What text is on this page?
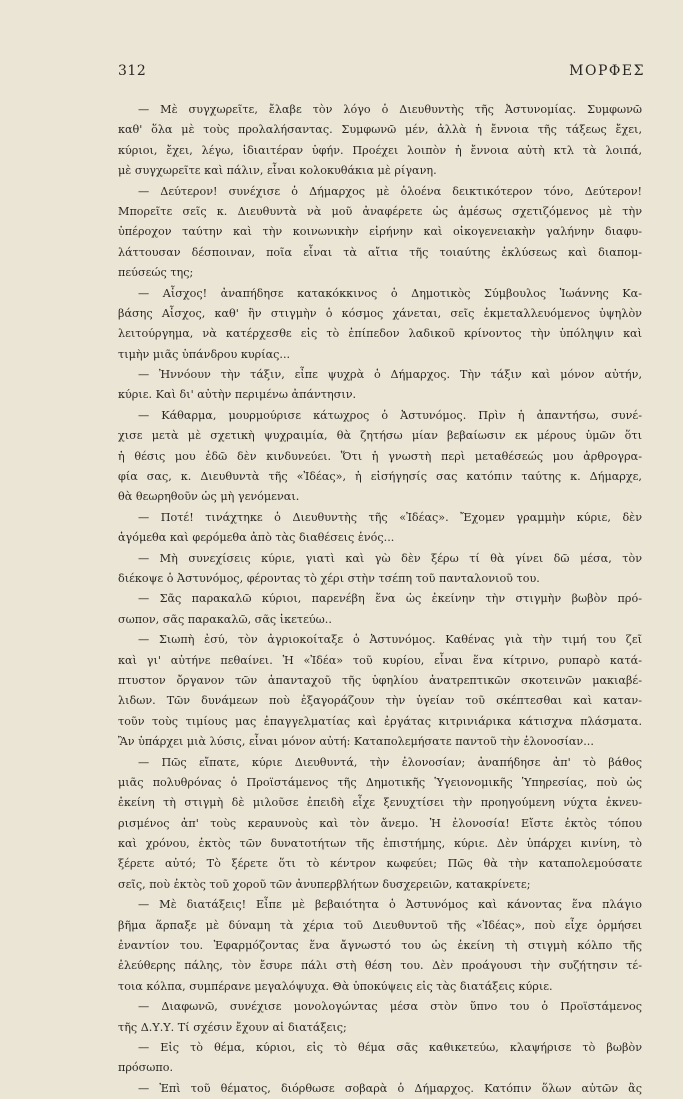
312	ΜΟΡΦΕΣ
— Μὲ συγχωρεῖτε, ἔλαβε τὸν λόγο ὁ Διευθυντὴς τῆς Ἀστυνομίας. Συμφωνῶ
καθ' ὅλα μὲ τοὺς προλαλήσαντας. Συμφωνῶ μέν, ἀλλὰ ἡ ἔννοια τῆς τάξεως ἔχει,
κύριοι, ἔχει, λέγω, ἰδιαιτέραν ὑφήν. Προέχει λοιπὸν ἡ ἔννοια αὐτὴ κτλ τὰ λοιπά,
μὲ συγχωρεῖτε καὶ πάλιν, εἶναι κολοκυθάκια μὲ ρίγανη.
— Δεύτερον! συνέχισε ὁ Δήμαρχος μὲ ὁλοένα δεικτικότερον τόνο, Δεύτερον!
Μπορεῖτε σεῖς κ. Διευθυντὰ νὰ μοῦ ἀναφέρετε ὡς ἀμέσως σχετιζόμενος μὲ τὴν
ὑπέροχον ταύτην καὶ τὴν κοινωνικὴν εἰρήνην καὶ οἰκογενειακὴν γαλήνην διαφυ-
λάττουσαν δέσποιναν, ποῖα εἶναι τὰ αἴτια τῆς τοιαύτης ἐκλύσεως καὶ διαπομ-
πεύσεώς της;
— Αἶσχος! ἀναπήδησε κατακόκκινος ὁ Δημοτικὸς Σύμβουλος Ἰωάννης Κα-
βάσης Αἶσχος, καθ' ἣν στιγμὴν ὁ κόσμος χάνεται, σεῖς ἐκμεταλλευόμενος ὑψηλὸν
λειτούργημα, νὰ κατέρχεσθε εἰς τὸ ἐπίπεδον λαδικοῦ κρίνοντος τὴν ὑπόληψιν καὶ
τιμὴν μιᾶς ὑπάνδρου κυρίας...
— Ἠννόουν τὴν τάξιν, εἶπε ψυχρὰ ὁ Δήμαρχος. Τὴν τάξιν καὶ μόνον αὐτήν,
κύριε. Καὶ δι' αὐτὴν περιμένω ἀπάντησιν.
— Κάθαρμα, μουρμούρισε κάτωχρος ὁ Ἀστυνόμος. Πρὶν ἡ ἀπαντήσω, συνέ-
χισε μετὰ μὲ σχετικὴ ψυχραιμία, θὰ ζητήσω μίαν βεβαίωσιν εκ μέρους ὑμῶν ὅτι
ἡ θέσις μου ἐδῶ δὲν κινδυνεύει. Ὅτι ἡ γνωστὴ περὶ μεταθέσεώς μου ἀρθρογρα-
φία σας, κ. Διευθυντὰ τῆς «Ἰδέας», ἡ εἰσήγησίς σας κατόπιν ταύτης κ. Δήμαρχε,
θὰ θεωρηθοῦν ὡς μὴ γενόμεναι.
— Ποτέ! τινάχτηκε ὁ Διευθυντὴς τῆς «Ἰδέας». Ἔχομεν γραμμὴν κύριε, δὲν
ἀγόμεθα καὶ φερόμεθα ἀπὸ τὰς διαθέσεις ἑνός...
— Μὴ συνεχίσεις κύριε, γιατὶ καὶ γὼ δὲν ξέρω τί θὰ γίνει δῶ μέσα, τὸν
διέκοψε ὁ Ἀστυνόμος, φέροντας τὸ χέρι στὴν τσέπη τοῦ πανταλονιοῦ του.
— Σᾶς παρακαλῶ κύριοι, παρενέβη ἕνα ὡς ἐκείνην τὴν στιγμὴν βωβὸν πρό-
σωπον, σᾶς παρακαλῶ, σᾶς ἱκετεύω..
— Σιωπὴ ἐσύ, τὸν ἀγριοκοίταξε ὁ Ἀστυνόμος. Καθένας γιὰ τὴν τιμή του ζεῖ
καὶ γι' αὐτήνε πεθαίνει. Ἡ «Ἰδέα» τοῦ κυρίου, εἶναι ἕνα κίτρινο, ρυπαρὸ κατά-
πτυστον ὄργανον τῶν ἁπανταχοῦ τῆς ὑφηλίου ἀνατρεπτικῶν σκοτεινῶν μακιαβέ-
λιδων. Τῶν δυνάμεων ποὺ ἐξαγοράζουν τὴν ὑγείαν τοῦ σκέπτεσθαι καὶ καταν-
τοῦν τοὺς τιμίους μας ἐπαγγελματίας καὶ ἐργάτας κιτρινιάρικα κάτισχνα πλάσματα.
Ἂν ὑπάρχει μιὰ λύσις, εἶναι μόνον αὐτή: Καταπολεμήσατε παντοῦ τὴν ἐλονοσίαν...
— Πῶς εἴπατε, κύριε Διευθυντά, τὴν ἐλονοσίαν; ἀναπήδησε ἀπ' τὸ βάθος
μιᾶς πολυθρόνας ὁ Προϊστάμενος τῆς Δημοτικῆς Ὑγειονομικῆς Ὑπηρεσίας, ποὺ ὡς
ἐκείνη τὴ στιγμὴ δὲ μιλοῦσε ἐπειδὴ εἶχε ξενυχτίσει τὴν προηγούμενη νύχτα ἐκνευ-
ρισμένος ἀπ' τοὺς κεραυνοὺς καὶ τὸν ἄνεμο. Ἡ ἐλονοσία! Εἴστε ἐκτὸς τόπου
καὶ χρόνου, ἐκτὸς τῶν δυνατοτήτων τῆς ἐπιστήμης, κύριε. Δὲν ὑπάρχει κινίνη, τὸ
ξέρετε αὐτό; Τὸ ξέρετε ὅτι τὸ κέντρον κωφεύει; Πῶς θὰ τὴν καταπολεμούσατε
σεῖς, ποὺ ἐκτὸς τοῦ χοροῦ τῶν ἀνυπερβλήτων δυσχερειῶν, κατακρίνετε;
— Μὲ διατάξεις! Εἶπε μὲ βεβαιότητα ὁ Ἀστυνόμος καὶ κάνοντας ἕνα πλάγιο
βῆμα ἅρπαξε μὲ δύναμη τὰ χέρια τοῦ Διευθυντοῦ τῆς «Ἰδέας», ποὺ εἶχε ὁρμήσει
ἐναντίον του. Ἐφαρμόζοντας ἕνα ἄγνωστό του ὡς ἐκείνη τὴ στιγμὴ κόλπο τῆς
ἐλεύθερης πάλης, τὸν ἔσυρε πάλι στὴ θέση του. Δὲν προάγουσι τὴν συζήτησιν τέ-
τοια κόλπα, συμπέρανε μεγαλόψυχα. Θὰ ὑποκύψεις εἰς τὰς διατάξεις κύριε.
— Διαφωνῶ, συνέχισε μονολογώντας μέσα στὸν ὕπνο του ὁ Προϊστάμενος
τῆς Δ.Υ.Υ. Τί σχέσιν ἔχουν αἱ διατάξεις;
— Εἰς τὸ θέμα, κύριοι, εἰς τὸ θέμα σᾶς καθικετεύω, κλαψήρισε τὸ βωβὸν
πρόσωπο.
— Ἐπὶ τοῦ θέματος, διόρθωσε σοβαρὰ ὁ Δήμαρχος. Κατόπιν ὅλων αὐτῶν ἂς
